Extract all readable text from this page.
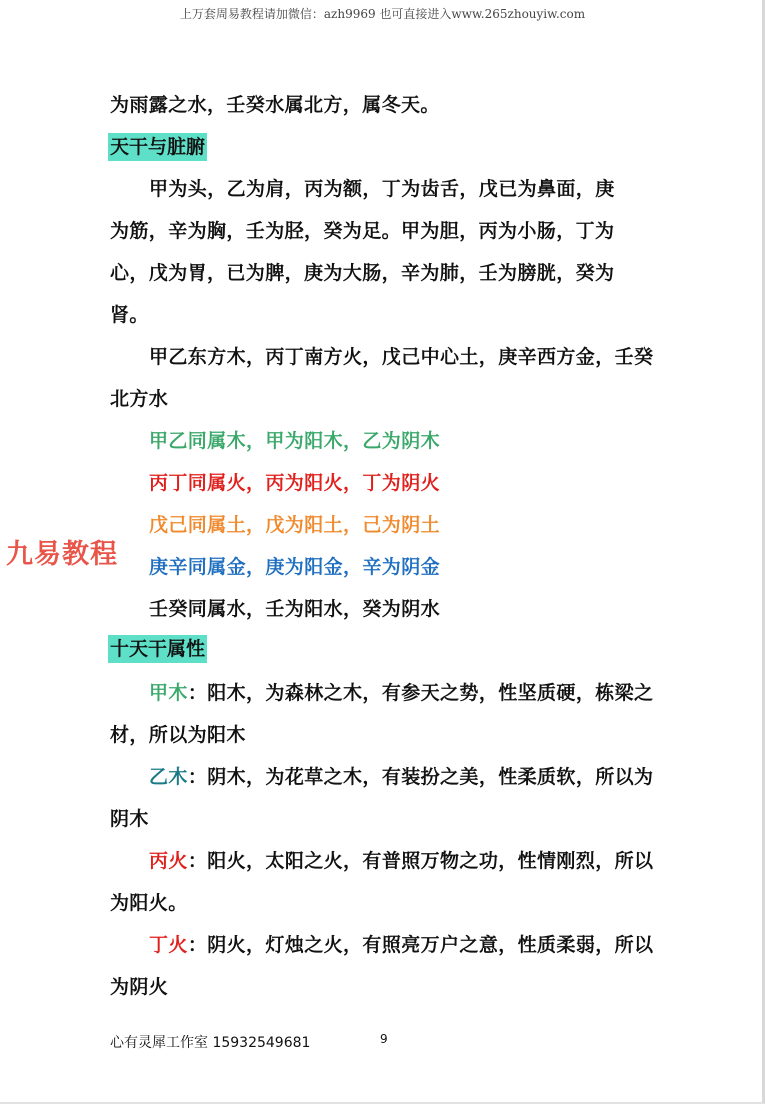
上万套周易教程请加微信：azh9969 也可直接进入www.265zhouyiw.com
为雨露之水，壬癸水属北方，属冬天。
天干与脏腑
甲为头，乙为肩，丙为额，丁为齿舌，戊已为鼻面，庚
为筋，辛为胸，壬为胫，癸为足。甲为胆，丙为小肠，丁为
心，戊为胃，已为脾，庚为大肠，辛为肺，壬为膀胱，癸为
肾。
甲乙东方木，丙丁南方火，戊己中心土，庚辛西方金，壬癸
北方水
甲乙同属木，甲为阳木，乙为阴木
丙丁同属火，丙为阳火，丁为阴火
戊己同属土，戊为阳土，己为阴土
庚辛同属金，庚为阳金，辛为阴金
壬癸同属水，壬为阳水，癸为阴水
九易教程
十天干属性
甲木：阳木，为森林之木，有参天之势，性坚质硬，栋梁之
材，所以为阳木
乙木：阴木，为花草之木，有装扮之美，性柔质软，所以为
阴木
丙火：阳火，太阳之火，有普照万物之功，性情刚烈，所以
为阳火。
丁火：阴火，灯烛之火，有照亮万户之意，性质柔弱，所以
为阴火
心有灵犀工作室 15932549681	9
